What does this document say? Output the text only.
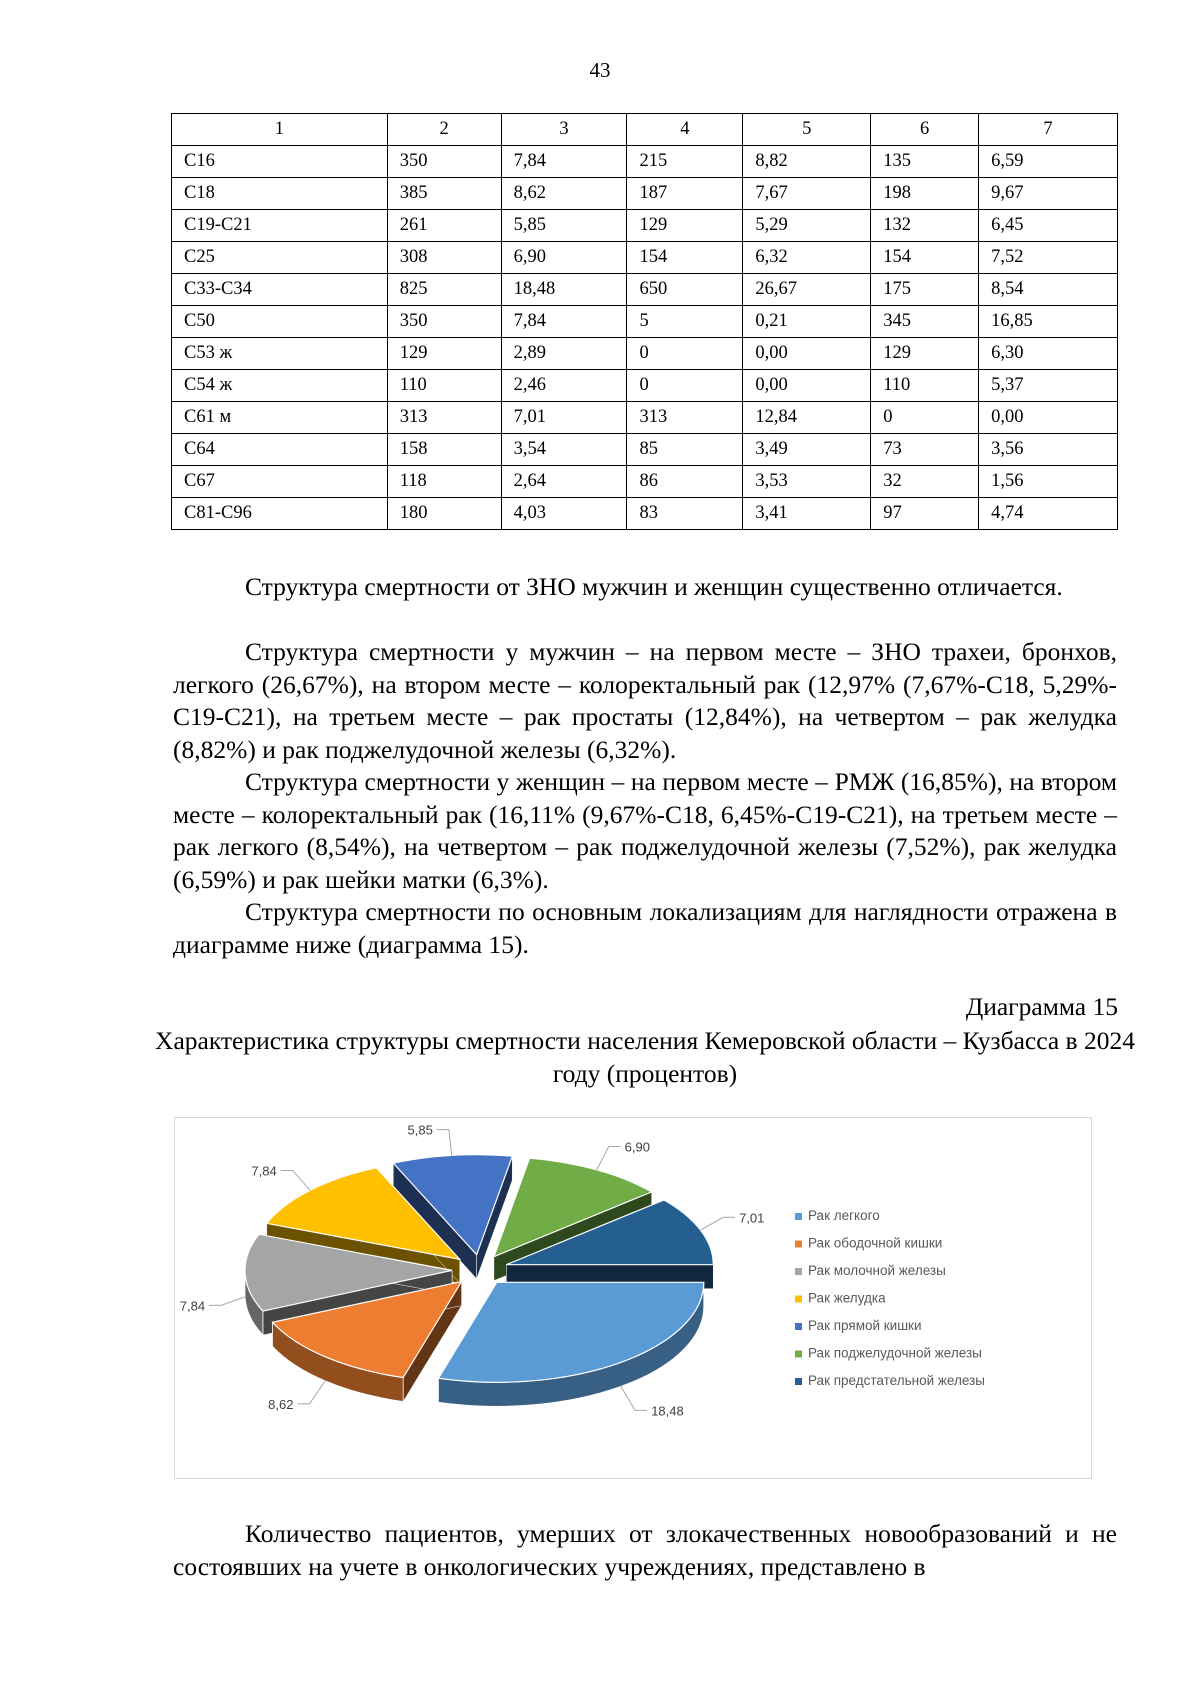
43
1	2	3	4	5	6	7
C16	350	7,84	215	8,82	135	6,59
C18	385	8,62	187	7,67	198	9,67
C19-C21	261	5,85	129	5,29	132	6,45
C25	308	6,90	154	6,32	154	7,52
C33-C34	825	18,48	650	26,67	175	8,54
C50	350	7,84	5	0,21	345	16,85
C53 ж	129	2,89	0	0,00	129	6,30
C54 ж	110	2,46	0	0,00	110	5,37
C61 м	313	7,01	313	12,84	0	0,00
C64	158	3,54	85	3,49	73	3,56
C67	118	2,64	86	3,53	32	1,56
C81-C96	180	4,03	83	3,41	97	4,74

Структура смертности от ЗНО мужчин и женщин существенно отличается.

Структура смертности у мужчин – на первом месте – ЗНО трахеи, бронхов, легкого (26,67%), на втором месте – колоректальный рак (12,97% (7,67%-С18, 5,29%-С19-С21), на третьем месте – рак простаты (12,84%), на четвертом – рак желудка (8,82%) и рак поджелудочной железы (6,32%).

Структура смертности у женщин – на первом месте – РМЖ (16,85%), на втором месте – колоректальный рак (16,11% (9,67%-С18, 6,45%-С19-С21), на третьем месте – рак легкого (8,54%), на четвертом – рак поджелудочной железы (7,52%), рак желудка (6,59%) и рак шейки матки (6,3%).

Структура смертности по основным локализациям для наглядности отражена в диаграмме ниже (диаграмма 15).

Диаграмма 15
Характеристика структуры смертности населения Кемеровской области – Кузбасса в 2024 году (процентов)
18,48
8,62
7,84
7,84
5,85
6,90
7,01	Рак легкого
Рак ободочной кишки
Рак молочной железы
Рак желудка
Рак прямой кишки
Рак поджелудочной железы
Рак предстательной железы

Количество пациентов, умерших от злокачественных новообразований и не состоявших на учете в онкологических учреждениях, представлено в
